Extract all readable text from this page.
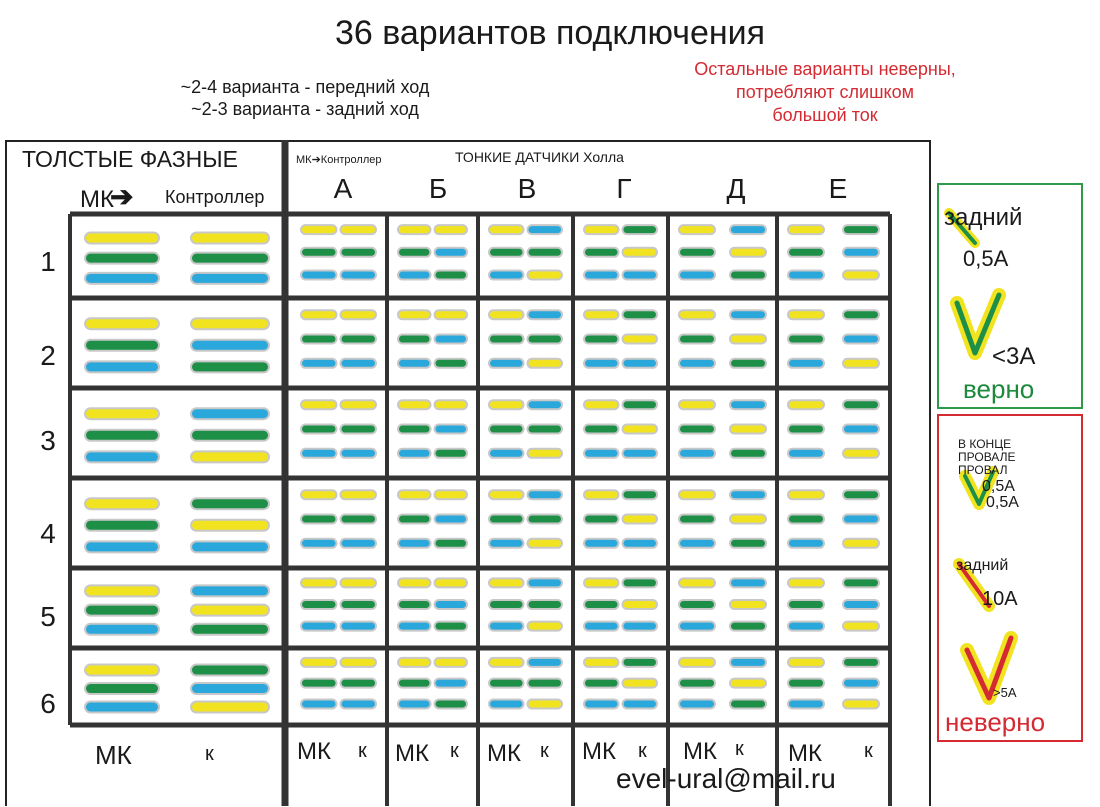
36 вариантов подключения
~2-4 варианта - передний ход
~2-3 варианта - задний ход
Остальные варианты неверны,
потребляют слишком
большой ток
ТОЛСТЫЕ ФАЗНЫЕ
МК
➔ Контроллер
МК➔Контроллер	ТОНКИЕ ДАТЧИКИ Холла
А	Б	В	Г	Д	Е
1
2
3
4
5
6
МК	к	МК к МК к МК к МК к МК к МК к
evel-ural@mail.ru
задний
0,5А
<3А
верно
В КОНЦЕ
ПРОВАЛЕ
ПРОВАЛ
0,5А
0,5А
задний
10А
>5А
неверно
